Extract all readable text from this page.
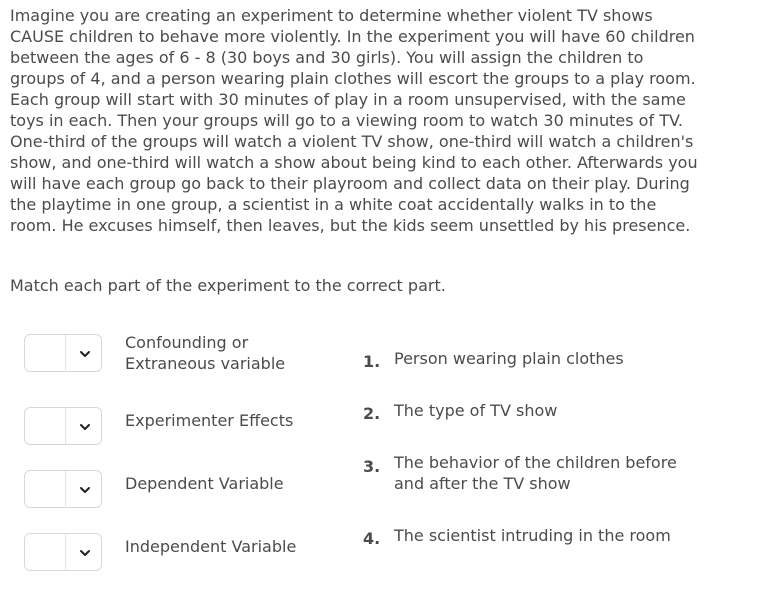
Imagine you are creating an experiment to determine whether violent TV shows CAUSE children to behave more violently. In the experiment you will have 60 children between the ages of 6 - 8 (30 boys and 30 girls). You will assign the children to groups of 4, and a person wearing plain clothes will escort the groups to a play room. Each group will start with 30 minutes of play in a room unsupervised, with the same toys in each. Then your groups will go to a viewing room to watch 30 minutes of TV. One-third of the groups will watch a violent TV show, one-third will watch a children's show, and one-third will watch a show about being kind to each other. Afterwards you will have each group go back to their playroom and collect data on their play. During the playtime in one group, a scientist in a white coat accidentally walks in to the room. He excuses himself, then leaves, but the kids seem unsettled by his presence.

Match each part of the experiment to the correct part.

Confounding or Extraneous variable

Experimenter Effects

Dependent Variable

Independent Variable

1. Person wearing plain clothes
2. The type of TV show
3. The behavior of the children before and after the TV show
4. The scientist intruding in the room
